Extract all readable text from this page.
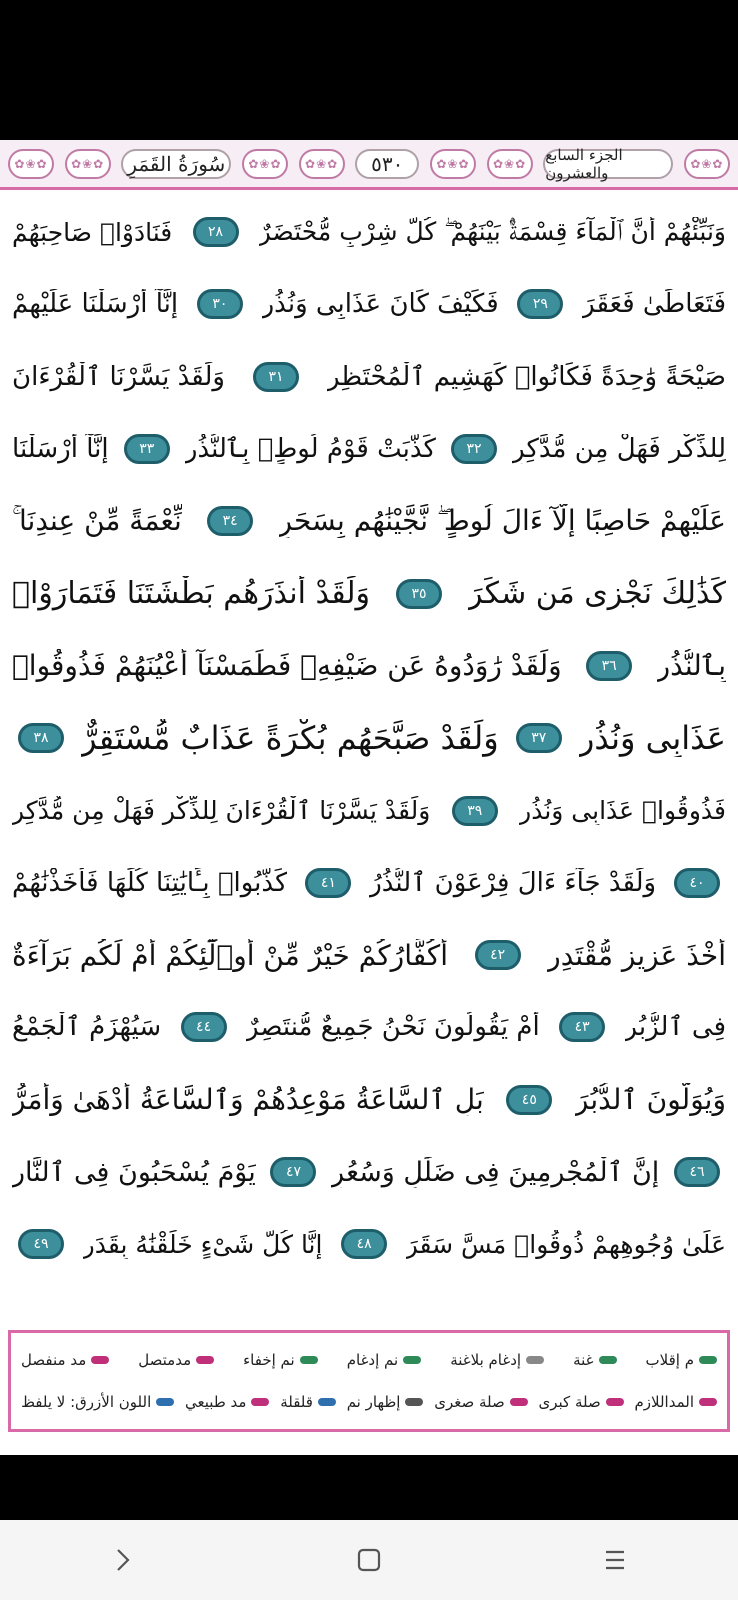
✿❀✿	✿❀✿	سُورَةُ القَمَرِ	✿❀✿	✿❀✿	٥٣٠	✿❀✿	✿❀✿	الجزء السابع والعشرون	✿❀✿
وَنَبِّئْهُمْ أَنَّ ٱلْمَآءَ قِسْمَةٌۢ بَيْنَهُمْ ۖ كُلُّ شِرْبٍ مُّحْتَضَرٌ
٢٨
فَنَادَوْا۟ صَاحِبَهُمْ
فَتَعَاطَىٰ فَعَقَرَ
٢٩
فَكَيْفَ كَانَ عَذَابِى وَنُذُرِ
٣٠
إِنَّآ أَرْسَلْنَا عَلَيْهِمْ
صَيْحَةً وَٰحِدَةً فَكَانُوا۟ كَهَشِيمِ ٱلْمُحْتَظِرِ
٣١
وَلَقَدْ يَسَّرْنَا ٱلْقُرْءَانَ
لِلذِّكْرِ فَهَلْ مِن مُّدَّكِرٍ
٣٢
كَذَّبَتْ قَوْمُ لُوطٍۭ بِٱلنُّذُرِ
٣٣
إِنَّآ أَرْسَلْنَا
عَلَيْهِمْ حَاصِبًا إِلَّآ ءَالَ لُوطٍ ۖ نَّجَّيْنَٰهُم بِسَحَرٍ
٣٤
نِّعْمَةً مِّنْ عِندِنَا ۚ
كَذَٰلِكَ نَجْزِى مَن شَكَرَ
٣٥
وَلَقَدْ أَنذَرَهُم بَطْشَتَنَا فَتَمَارَوْا۟
بِٱلنُّذُرِ
٣٦
وَلَقَدْ رَٰوَدُوهُ عَن ضَيْفِهِۦ فَطَمَسْنَآ أَعْيُنَهُمْ فَذُوقُوا۟
عَذَابِى وَنُذُرِ
٣٧
وَلَقَدْ صَبَّحَهُم بُكْرَةً عَذَابٌ مُّسْتَقِرٌّ
٣٨
فَذُوقُوا۟ عَذَابِى وَنُذُرِ
٣٩
وَلَقَدْ يَسَّرْنَا ٱلْقُرْءَانَ لِلذِّكْرِ فَهَلْ مِن مُّدَّكِرٍ
٤٠
وَلَقَدْ جَآءَ ءَالَ فِرْعَوْنَ ٱلنُّذُرُ
٤١
كَذَّبُوا۟ بِـَٔايَٰتِنَا كُلِّهَا فَأَخَذْنَٰهُمْ
أَخْذَ عَزِيزٍ مُّقْتَدِرٍ
٤٢
أَكُفَّارُكُمْ خَيْرٌ مِّنْ أُو۟لَٰٓئِكُمْ أَمْ لَكُم بَرَآءَةٌ
فِى ٱلزُّبُرِ
٤٣
أَمْ يَقُولُونَ نَحْنُ جَمِيعٌ مُّنتَصِرٌ
٤٤
سَيُهْزَمُ ٱلْجَمْعُ
وَيُوَلُّونَ ٱلدُّبُرَ
٤٥
بَلِ ٱلسَّاعَةُ مَوْعِدُهُمْ وَٱلسَّاعَةُ أَدْهَىٰ وَأَمَرُّ
٤٦
إِنَّ ٱلْمُجْرِمِينَ فِى ضَلَٰلٍ وَسُعُرٍ
٤٧
يَوْمَ يُسْحَبُونَ فِى ٱلنَّارِ
عَلَىٰ وُجُوهِهِمْ ذُوقُوا۟ مَسَّ سَقَرَ
٤٨
إِنَّا كُلَّ شَىْءٍ خَلَقْنَٰهُ بِقَدَرٍ
٤٩
م إقلاب
غنة
إدغام بلاغنة
نم إدغام
نم إخفاء
مدمتصل
مد منفصل
المداللازم
صلة كبرى
صلة صغرى
إظهار نم
قلقلة
مد طبيعي
اللون الأزرق: لا يلفظ
